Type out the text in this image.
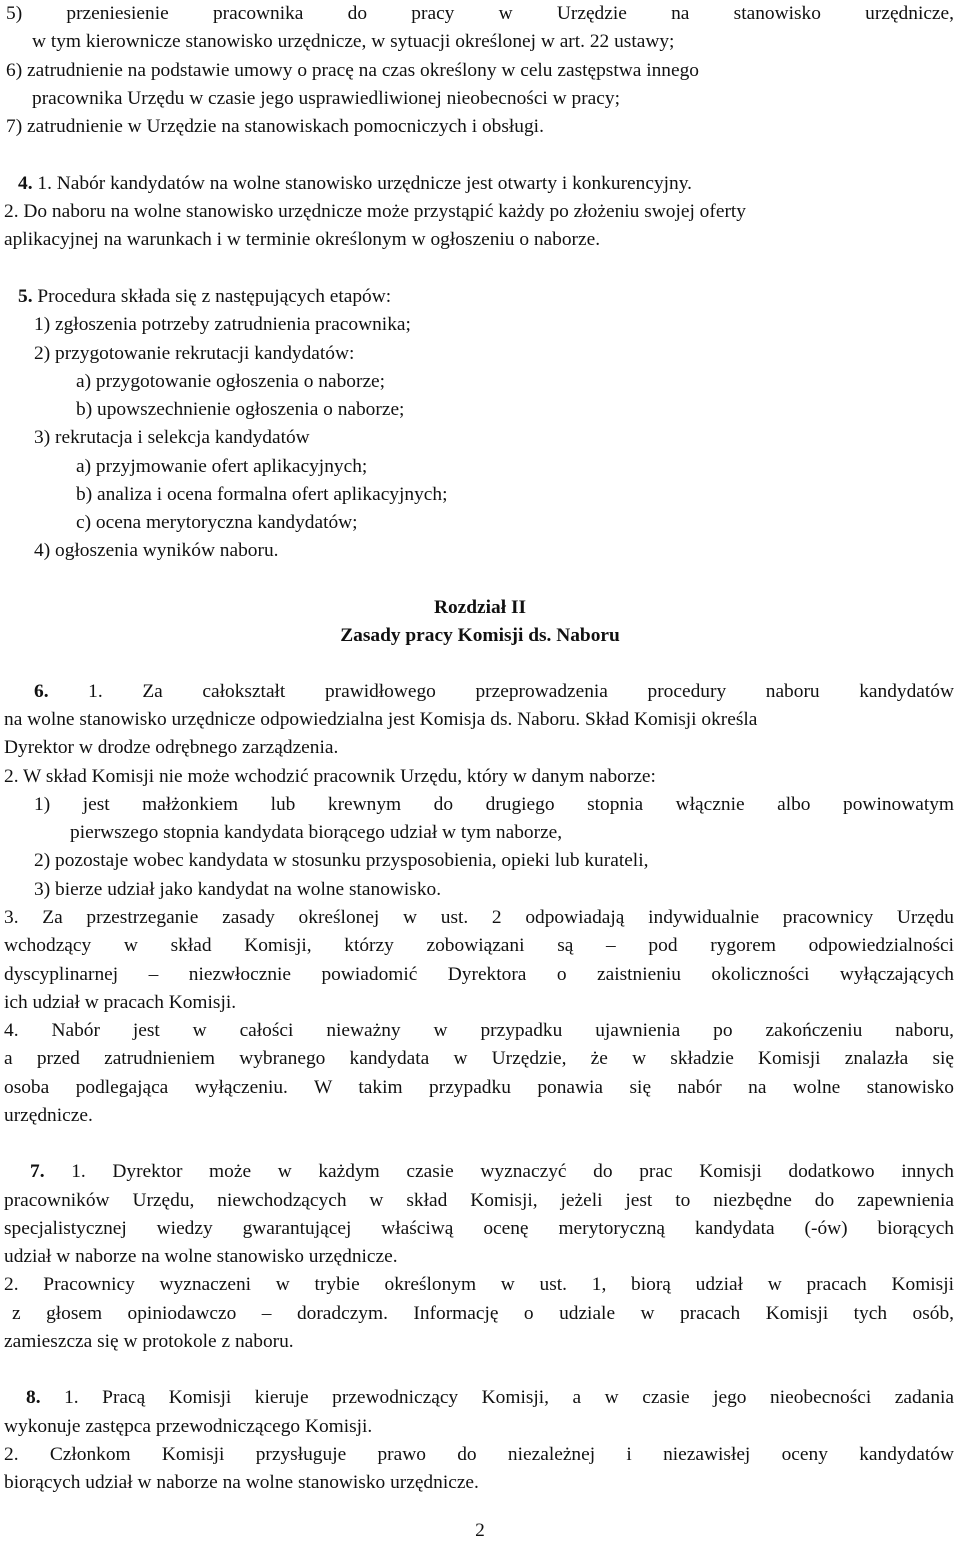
Rozdział II
Zasady pracy Komisji ds. Naboru
2
5) przeniesienie pracownika do pracy w Urzędzie na stanowisko urzędnicze,
w tym kierownicze stanowisko urzędnicze, w sytuacji określonej w art. 22 ustawy;
6) zatrudnienie na podstawie umowy o pracę na czas określony w celu zastępstwa innego
pracownika Urzędu w czasie jego usprawiedliwionej nieobecności w pracy;
7) zatrudnienie w Urzędzie na stanowiskach pomocniczych i obsługi.
4. 1. Nabór kandydatów na wolne stanowisko urzędnicze jest otwarty i konkurencyjny.
2. Do naboru na wolne stanowisko urzędnicze może przystąpić każdy po złożeniu swojej oferty
aplikacyjnej na warunkach i w terminie określonym w ogłoszeniu o naborze.
5. Procedura składa się z następujących etapów:
1) zgłoszenia potrzeby zatrudnienia pracownika;
2) przygotowanie rekrutacji kandydatów:
a) przygotowanie ogłoszenia o naborze;
b) upowszechnienie ogłoszenia o naborze;
3) rekrutacja i selekcja kandydatów
a) przyjmowanie ofert aplikacyjnych;
b) analiza i ocena formalna ofert aplikacyjnych;
c) ocena merytoryczna kandydatów;
4) ogłoszenia wyników naboru.
6. 1. Za całokształt prawidłowego przeprowadzenia procedury naboru kandydatów
na wolne stanowisko urzędnicze odpowiedzialna jest Komisja ds. Naboru. Skład Komisji określa
Dyrektor w drodze odrębnego zarządzenia.
2. W skład Komisji nie może wchodzić pracownik Urzędu, który w danym naborze:
1) jest małżonkiem lub krewnym do drugiego stopnia włącznie albo powinowatym
pierwszego stopnia kandydata biorącego udział w tym naborze,
2) pozostaje wobec kandydata w stosunku przysposobienia, opieki lub kurateli,
3) bierze udział jako kandydat na wolne stanowisko.
3. Za przestrzeganie zasady określonej w ust. 2 odpowiadają indywidualnie pracownicy Urzędu
wchodzący w skład Komisji, którzy zobowiązani są – pod rygorem odpowiedzialności
dyscyplinarnej – niezwłocznie powiadomić Dyrektora o zaistnieniu okoliczności wyłączających
ich udział w pracach Komisji.
4. Nabór jest w całości nieważny w przypadku ujawnienia po zakończeniu naboru,
a przed zatrudnieniem wybranego kandydata w Urzędzie, że w składzie Komisji znalazła się
osoba podlegająca wyłączeniu. W takim przypadku ponawia się nabór na wolne stanowisko
urzędnicze.
7. 1. Dyrektor może w każdym czasie wyznaczyć do prac Komisji dodatkowo innych
pracowników Urzędu, niewchodzących w skład Komisji, jeżeli jest to niezbędne do zapewnienia
specjalistycznej wiedzy gwarantującej właściwą ocenę merytoryczną kandydata (-ów) biorących
udział w naborze na wolne stanowisko urzędnicze.
2. Pracownicy wyznaczeni w trybie określonym w ust. 1, biorą udział w pracach Komisji
z głosem opiniodawczo – doradczym. Informację o udziale w pracach Komisji tych osób,
zamieszcza się w protokole z naboru.
8. 1. Pracą Komisji kieruje przewodniczący Komisji, a w czasie jego nieobecności zadania
wykonuje zastępca przewodniczącego Komisji.
2. Członkom Komisji przysługuje prawo do niezależnej i niezawisłej oceny kandydatów
biorących udział w naborze na wolne stanowisko urzędnicze.
